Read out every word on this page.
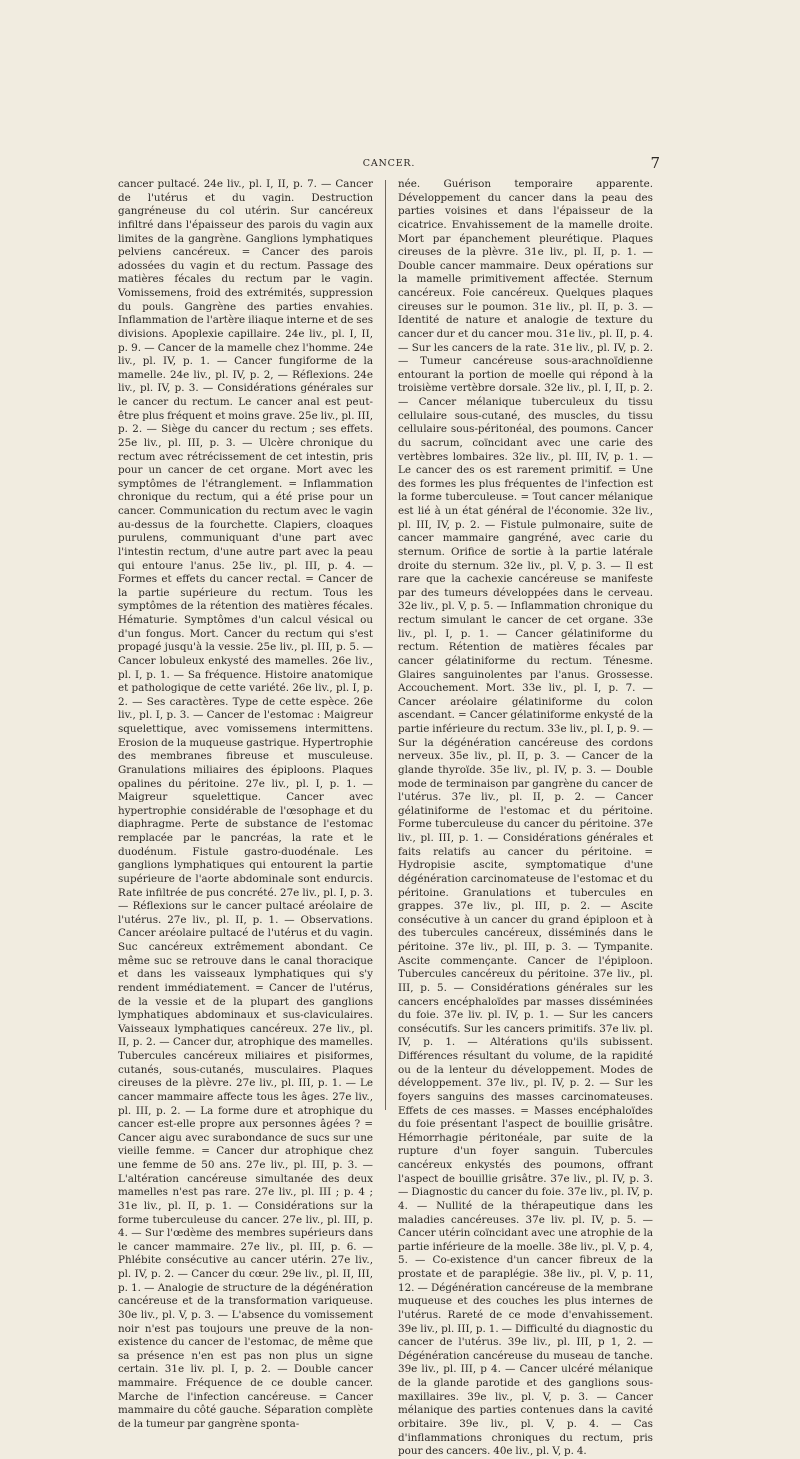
CANCER.	7

cancer pultacé. 24e liv., pl. I, II, p. 7. — Cancer de l'utérus et du vagin. Destruction gangréneuse du col utérin. Sur cancéreux infiltré dans l'épaisseur des parois du vagin aux limites de la gangrène. Ganglions lymphatiques pelviens cancéreux. = Cancer des parois adossées du vagin et du rectum. Passage des matières fécales du rectum par le vagin. Vomissemens, froid des extrémités, suppression du pouls. Gangrène des parties envahies. Inflammation de l'artère iliaque interne et de ses divisions. Apoplexie capillaire. 24e liv., pl. I, II, p. 9. — Cancer de la mamelle chez l'homme. 24e liv., pl. IV, p. 1. — Cancer fungiforme de la mamelle. 24e liv., pl. IV, p. 2, — Réflexions. 24e liv., pl. IV, p. 3. — Considérations générales sur le cancer du rectum. Le cancer anal est peut-être plus fréquent et moins grave. 25e liv., pl. III, p. 2. — Siège du cancer du rectum ; ses effets. 25e liv., pl. III, p. 3. — Ulcère chronique du rectum avec rétrécissement de cet intestin, pris pour un cancer de cet organe. Mort avec les symptômes de l'étranglement. = Inflammation chronique du rectum, qui a été prise pour un cancer. Communication du rectum avec le vagin au-dessus de la fourchette. Clapiers, cloaques purulens, communiquant d'une part avec l'intestin rectum, d'une autre part avec la peau qui entoure l'anus. 25e liv., pl. III, p. 4. — Formes et effets du cancer rectal. = Cancer de la partie supérieure du rectum. Tous les symptômes de la rétention des matières fécales. Hématurie. Symptômes d'un calcul vésical ou d'un fongus. Mort. Cancer du rectum qui s'est propagé jusqu'à la vessie. 25e liv., pl. III, p. 5. — Cancer lobuleux enkysté des mamelles. 26e liv., pl. I, p. 1. — Sa fréquence. Histoire anatomique et pathologique de cette variété. 26e liv., pl. I, p. 2. — Ses caractères. Type de cette espèce. 26e liv., pl. I, p. 3. — Cancer de l'estomac : Maigreur squelettique, avec vomissemens intermittens. Erosion de la muqueuse gastrique. Hypertrophie des membranes fibreuse et musculeuse. Granulations miliaires des épiploons. Plaques opalines du péritoine. 27e liv., pl. I, p. 1. — Maigreur squelettique. Cancer avec hypertrophie considérable de l'œsophage et du diaphragme. Perte de substance de l'estomac remplacée par le pancréas, la rate et le duodénum. Fistule gastro-duodénale. Les ganglions lymphatiques qui entourent la partie supérieure de l'aorte abdominale sont endurcis. Rate infiltrée de pus concrété. 27e liv., pl. I, p. 3. — Réflexions sur le cancer pultacé aréolaire de l'utérus. 27e liv., pl. II, p. 1. — Observations. Cancer aréolaire pultacé de l'utérus et du vagin. Suc cancéreux extrêmement abondant. Ce même suc se retrouve dans le canal thoracique et dans les vaisseaux lymphatiques qui s'y rendent immédiatement. = Cancer de l'utérus, de la vessie et de la plupart des ganglions lymphatiques abdominaux et sus-claviculaires. Vaisseaux lymphatiques cancéreux. 27e liv., pl. II, p. 2. — Cancer dur, atrophique des mamelles. Tubercules cancéreux miliaires et pisiformes, cutanés, sous-cutanés, musculaires. Plaques cireuses de la plèvre. 27e liv., pl. III, p. 1. — Le cancer mammaire affecte tous les âges. 27e liv., pl. III, p. 2. — La forme dure et atrophique du cancer est-elle propre aux personnes âgées ? = Cancer aigu avec surabondance de sucs sur une vieille femme. = Cancer dur atrophique chez une femme de 50 ans. 27e liv., pl. III, p. 3. — L'altération cancéreuse simultanée des deux mamelles n'est pas rare. 27e liv., pl. III ; p. 4 ; 31e liv., pl. II, p. 1. — Considérations sur la forme tuberculeuse du cancer. 27e liv., pl. III, p. 4. — Sur l'œdème des membres supérieurs dans le cancer mammaire. 27e liv., pl. III, p. 6. — Phlébite consécutive au cancer utérin. 27e liv., pl. IV, p. 2. — Cancer du cœur. 29e liv., pl. II, III, p. 1. — Analogie de structure de la dégénération cancéreuse et de la transformation variqueuse. 30e liv., pl. V, p. 3. — L'absence du vomissement noir n'est pas toujours une preuve de la non-existence du cancer de l'estomac, de même que sa présence n'en est pas non plus un signe certain. 31e liv. pl. I, p. 2. — Double cancer mammaire. Fréquence de ce double cancer. Marche de l'infection cancéreuse. = Cancer mammaire du côté gauche. Séparation complète de la tumeur par gangrène sponta-

née. Guérison temporaire apparente. Développement du cancer dans la peau des parties voisines et dans l'épaisseur de la cicatrice. Envahissement de la mamelle droite. Mort par épanchement pleurétique. Plaques cireuses de la plèvre. 31e liv., pl. II, p. 1. — Double cancer mammaire. Deux opérations sur la mamelle primitivement affectée. Sternum cancéreux. Foie cancéreux. Quelques plaques cireuses sur le poumon. 31e liv., pl. II, p. 3. — Identité de nature et analogie de texture du cancer dur et du cancer mou. 31e liv., pl. II, p. 4. — Sur les cancers de la rate. 31e liv., pl. IV, p. 2. — Tumeur cancéreuse sous-arachnoïdienne entourant la portion de moelle qui répond à la troisième vertèbre dorsale. 32e liv., pl. I, II, p. 2. — Cancer mélanique tuberculeux du tissu cellulaire sous-cutané, des muscles, du tissu cellulaire sous-péritonéal, des poumons. Cancer du sacrum, coïncidant avec une carie des vertèbres lombaires. 32e liv., pl. III, IV, p. 1. — Le cancer des os est rarement primitif. = Une des formes les plus fréquentes de l'infection est la forme tuberculeuse. = Tout cancer mélanique est lié à un état général de l'économie. 32e liv., pl. III, IV, p. 2. — Fistule pulmonaire, suite de cancer mammaire gangréné, avec carie du sternum. Orifice de sortie à la partie latérale droite du sternum. 32e liv., pl. V, p. 3. — Il est rare que la cachexie cancéreuse se manifeste par des tumeurs développées dans le cerveau. 32e liv., pl. V, p. 5. — Inflammation chronique du rectum simulant le cancer de cet organe. 33e liv., pl. I, p. 1. — Cancer gélatiniforme du rectum. Rétention de matières fécales par cancer gélatiniforme du rectum. Ténesme. Glaires sanguinolentes par l'anus. Grossesse. Accouchement. Mort. 33e liv., pl. I, p. 7. — Cancer aréolaire gélatiniforme du colon ascendant. = Cancer gélatiniforme enkysté de la partie inférieure du rectum. 33e liv., pl. I, p. 9. — Sur la dégénération cancéreuse des cordons nerveux. 35e liv., pl. II, p. 3. — Cancer de la glande thyroïde. 35e liv., pl. IV, p. 3. — Double mode de terminaison par gangrène du cancer de l'utérus. 37e liv., pl. II, p. 2. — Cancer gélatiniforme de l'estomac et du péritoine. Forme tuberculeuse du cancer du péritoine. 37e liv., pl. III, p. 1. — Considérations générales et faits relatifs au cancer du péritoine. = Hydropisie ascite, symptomatique d'une dégénération carcinomateuse de l'estomac et du péritoine. Granulations et tubercules en grappes. 37e liv., pl. III, p. 2. — Ascite consécutive à un cancer du grand épiploon et à des tubercules cancéreux, disséminés dans le péritoine. 37e liv., pl. III, p. 3. — Tympanite. Ascite commençante. Cancer de l'épiploon. Tubercules cancéreux du péritoine. 37e liv., pl. III, p. 5. — Considérations générales sur les cancers encéphaloïdes par masses disséminées du foie. 37e liv. pl. IV, p. 1. — Sur les cancers consécutifs. Sur les cancers primitifs. 37e liv. pl. IV, p. 1. — Altérations qu'ils subissent. Différences résultant du volume, de la rapidité ou de la lenteur du développement. Modes de développement. 37e liv., pl. IV, p. 2. — Sur les foyers sanguins des masses carcinomateuses. Effets de ces masses. = Masses encéphaloïdes du foie présentant l'aspect de bouillie grisâtre. Hémorrhagie péritonéale, par suite de la rupture d'un foyer sanguin. Tubercules cancéreux enkystés des poumons, offrant l'aspect de bouillie grisâtre. 37e liv., pl. IV, p. 3. — Diagnostic du cancer du foie. 37e liv., pl. IV, p. 4. — Nullité de la thérapeutique dans les maladies cancéreuses. 37e liv. pl. IV, p. 5. — Cancer utérin coïncidant avec une atrophie de la partie inférieure de la moelle. 38e liv., pl. V, p. 4, 5. — Co-existence d'un cancer fibreux de la prostate et de paraplégie. 38e liv., pl. V, p. 11, 12. — Dégénération cancéreuse de la membrane muqueuse et des couches les plus internes de l'utérus. Rareté de ce mode d'envahissement. 39e liv., pl. III, p. 1. — Difficulté du diagnostic du cancer de l'utérus. 39e liv., pl. III, p 1, 2. — Dégénération cancéreuse du museau de tanche. 39e liv., pl. III, p 4. — Cancer ulcéré mélanique de la glande parotide et des ganglions sous-maxillaires. 39e liv., pl. V, p. 3. — Cancer mélanique des parties contenues dans la cavité orbitaire. 39e liv., pl. V, p. 4. — Cas d'inflammations chroniques du rectum, pris pour des cancers. 40e liv., pl. V, p. 4.
